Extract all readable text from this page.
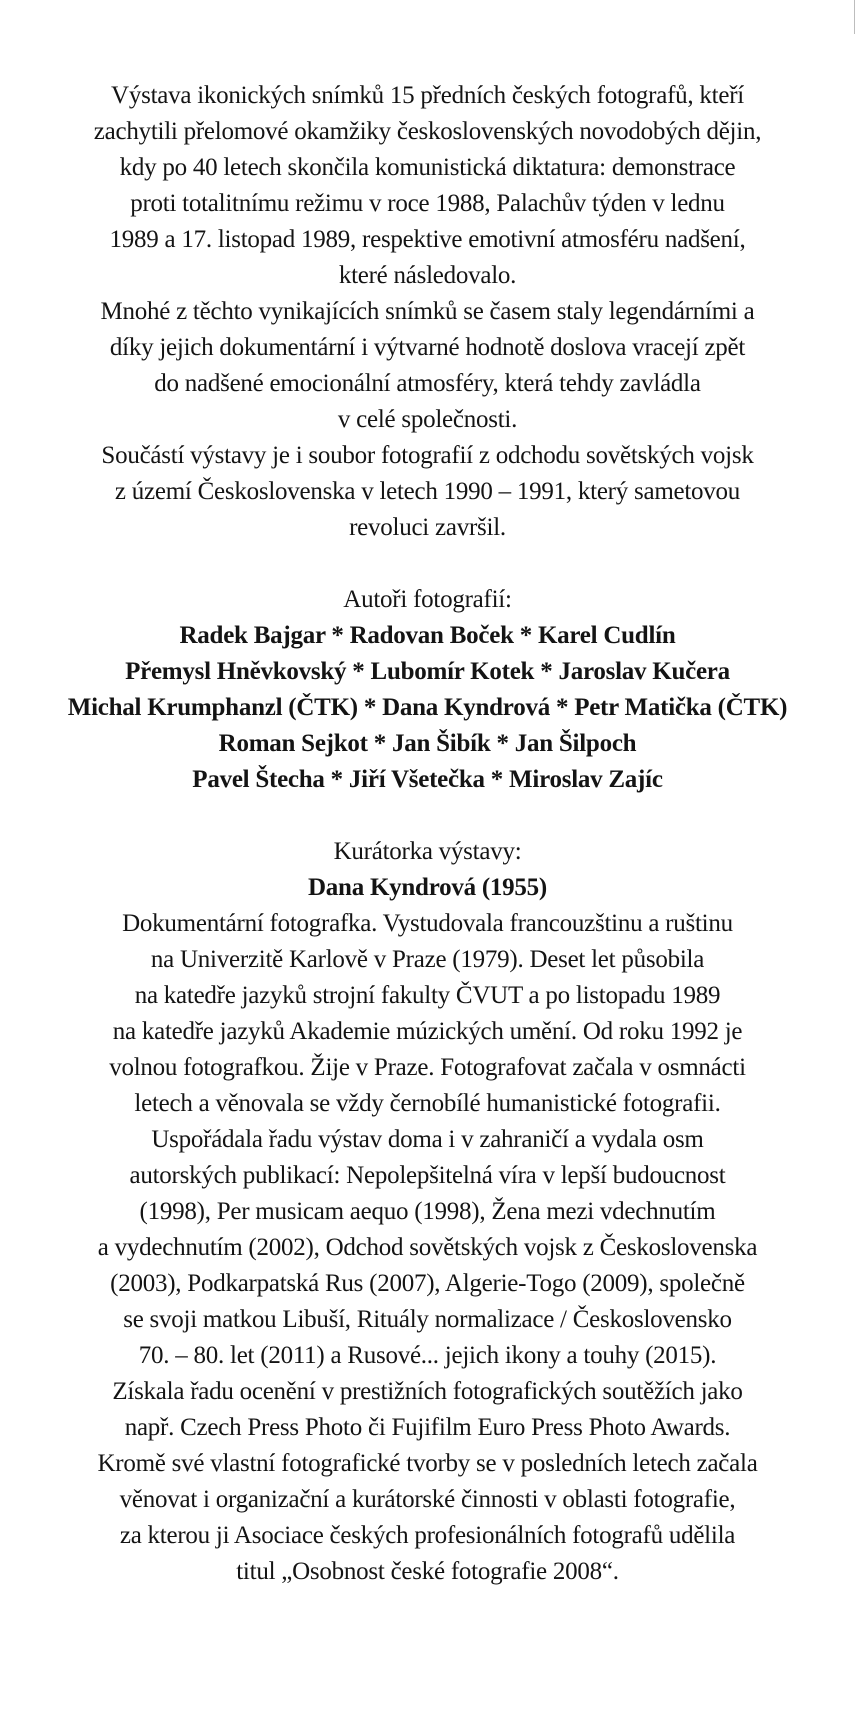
Výstava ikonických snímků 15 předních českých fotografů, kteří
zachytili přelomové okamžiky československých novodobých dějin,
kdy po 40 letech skončila komunistická diktatura: demonstrace
proti totalitnímu režimu v roce 1988, Palachův týden v lednu
1989 a 17. listopad 1989, respektive emotivní atmosféru nadšení,
které následovalo.
Mnohé z těchto vynikajících snímků se časem staly legendárními a
díky jejich dokumentární i výtvarné hodnotě doslova vracejí zpět
do nadšené emocionální atmosféry, která tehdy zavládla
v celé společnosti.
Součástí výstavy je i soubor fotografií z odchodu sovětských vojsk
z území Československa v letech 1990 – 1991, který sametovou
revoluci završil.

Autoři fotografií:
Radek Bajgar * Radovan Boček * Karel Cudlín
Přemysl Hněvkovský * Lubomír Kotek * Jaroslav Kučera
Michal Krumphanzl (ČTK) * Dana Kyndrová * Petr Matička (ČTK)
Roman Sejkot * Jan Šibík * Jan Šilpoch
Pavel Štecha * Jiří Všetečka * Miroslav Zajíc
Kurátorka výstavy:
Dana Kyndrová (1955)
Dokumentární fotografka. Vystudovala francouzštinu a ruštinu
na Univerzitě Karlově v Praze (1979). Deset let působila
na katedře jazyků strojní fakulty ČVUT a po listopadu 1989
na katedře jazyků Akademie múzických umění. Od roku 1992 je
volnou fotografkou. Žije v Praze. Fotografovat začala v osmnácti
letech a věnovala se vždy černobílé humanistické fotografii.
Uspořádala řadu výstav doma i v zahraničí a vydala osm
autorských publikací: Nepolepšitelná víra v lepší budoucnost
(1998), Per musicam aequo (1998), Žena mezi vdechnutím
a vydechnutím (2002), Odchod sovětských vojsk z Československa
(2003), Podkarpatská Rus (2007), Algerie-Togo (2009), společně
se svoji matkou Libuší, Rituály normalizace / Československo
70. – 80. let (2011) a Rusové... jejich ikony a touhy (2015).
Získala řadu ocenění v prestižních fotografických soutěžích jako
např. Czech Press Photo či Fujifilm Euro Press Photo Awards.
Kromě své vlastní fotografické tvorby se v posledních letech začala
věnovat i organizační a kurátorské činnosti v oblasti fotografie,
za kterou ji Asociace českých profesionálních fotografů udělila
titul „Osobnost české fotografie 2008“.
